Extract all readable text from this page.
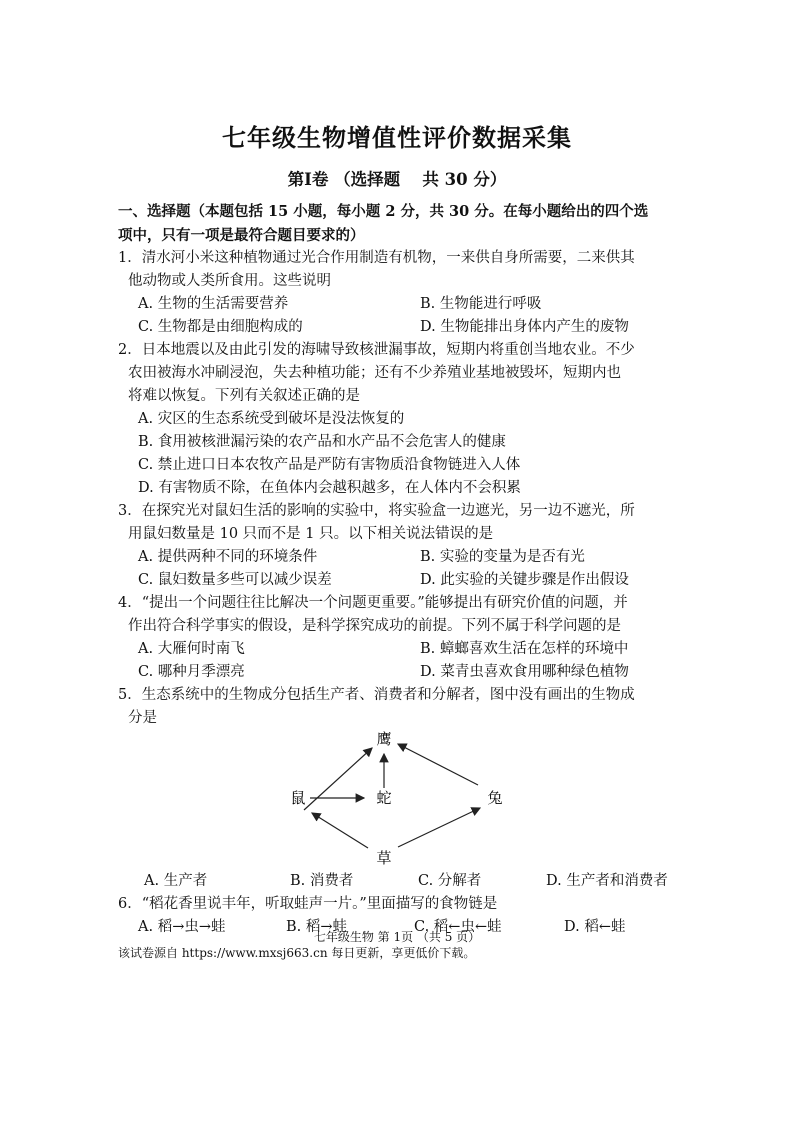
七年级生物增值性评价数据采集
第Ⅰ卷 （选择题　 共 30 分）
一、选择题（本题包括 15 小题，每小题 2 分，共 30 分。在每小题给出的四个选
项中，只有一项是最符合题目要求的）
1．清水河小米这种植物通过光合作用制造有机物，一来供自身所需要，二来供其
他动物或人类所食用。这些说明
A. 生物的生活需要营养	B. 生物能进行呼吸
C. 生物都是由细胞构成的	D. 生物能排出身体内产生的废物
2．日本地震以及由此引发的海啸导致核泄漏事故，短期内将重创当地农业。不少
农田被海水冲刷浸泡，失去种植功能；还有不少养殖业基地被毁坏，短期内也
将难以恢复。下列有关叙述正确的是
A. 灾区的生态系统受到破坏是没法恢复的
B. 食用被核泄漏污染的农产品和水产品不会危害人的健康
C. 禁止进口日本农牧产品是严防有害物质沿食物链进入人体
D. 有害物质不除，在鱼体内会越积越多，在人体内不会积累
3．在探究光对鼠妇生活的影响的实验中，将实验盒一边遮光，另一边不遮光，所
用鼠妇数量是 10 只而不是 1 只。以下相关说法错误的是
A. 提供两种不同的环境条件	B. 实验的变量为是否有光
C. 鼠妇数量多些可以减少误差	D. 此实验的关键步骤是作出假设
4．“提出一个问题往往比解决一个问题更重要。”能够提出有研究价值的问题，并
作出符合科学事实的假设，是科学探究成功的前提。下列不属于科学问题的是
A. 大雁何时南飞	B. 蟑螂喜欢生活在怎样的环境中
C. 哪种月季漂亮	D. 菜青虫喜欢食用哪种绿色植物
5．生态系统中的生物成分包括生产者、消费者和分解者，图中没有画出的生物成
分是
鹰
鼠	蛇	兔
草
A. 生产者	B. 消费者	C. 分解者	D. 生产者和消费者
6．“稻花香里说丰年，听取蛙声一片。”里面描写的食物链是
A. 稻→虫→蛙	B. 稻→蛙	C. 稻←虫←蛙	D. 稻←蛙
七年级生物 第 1页 （共 5 页）
该试卷源自 https://www.mxsj663.cn 每日更新，享更低价下载。
